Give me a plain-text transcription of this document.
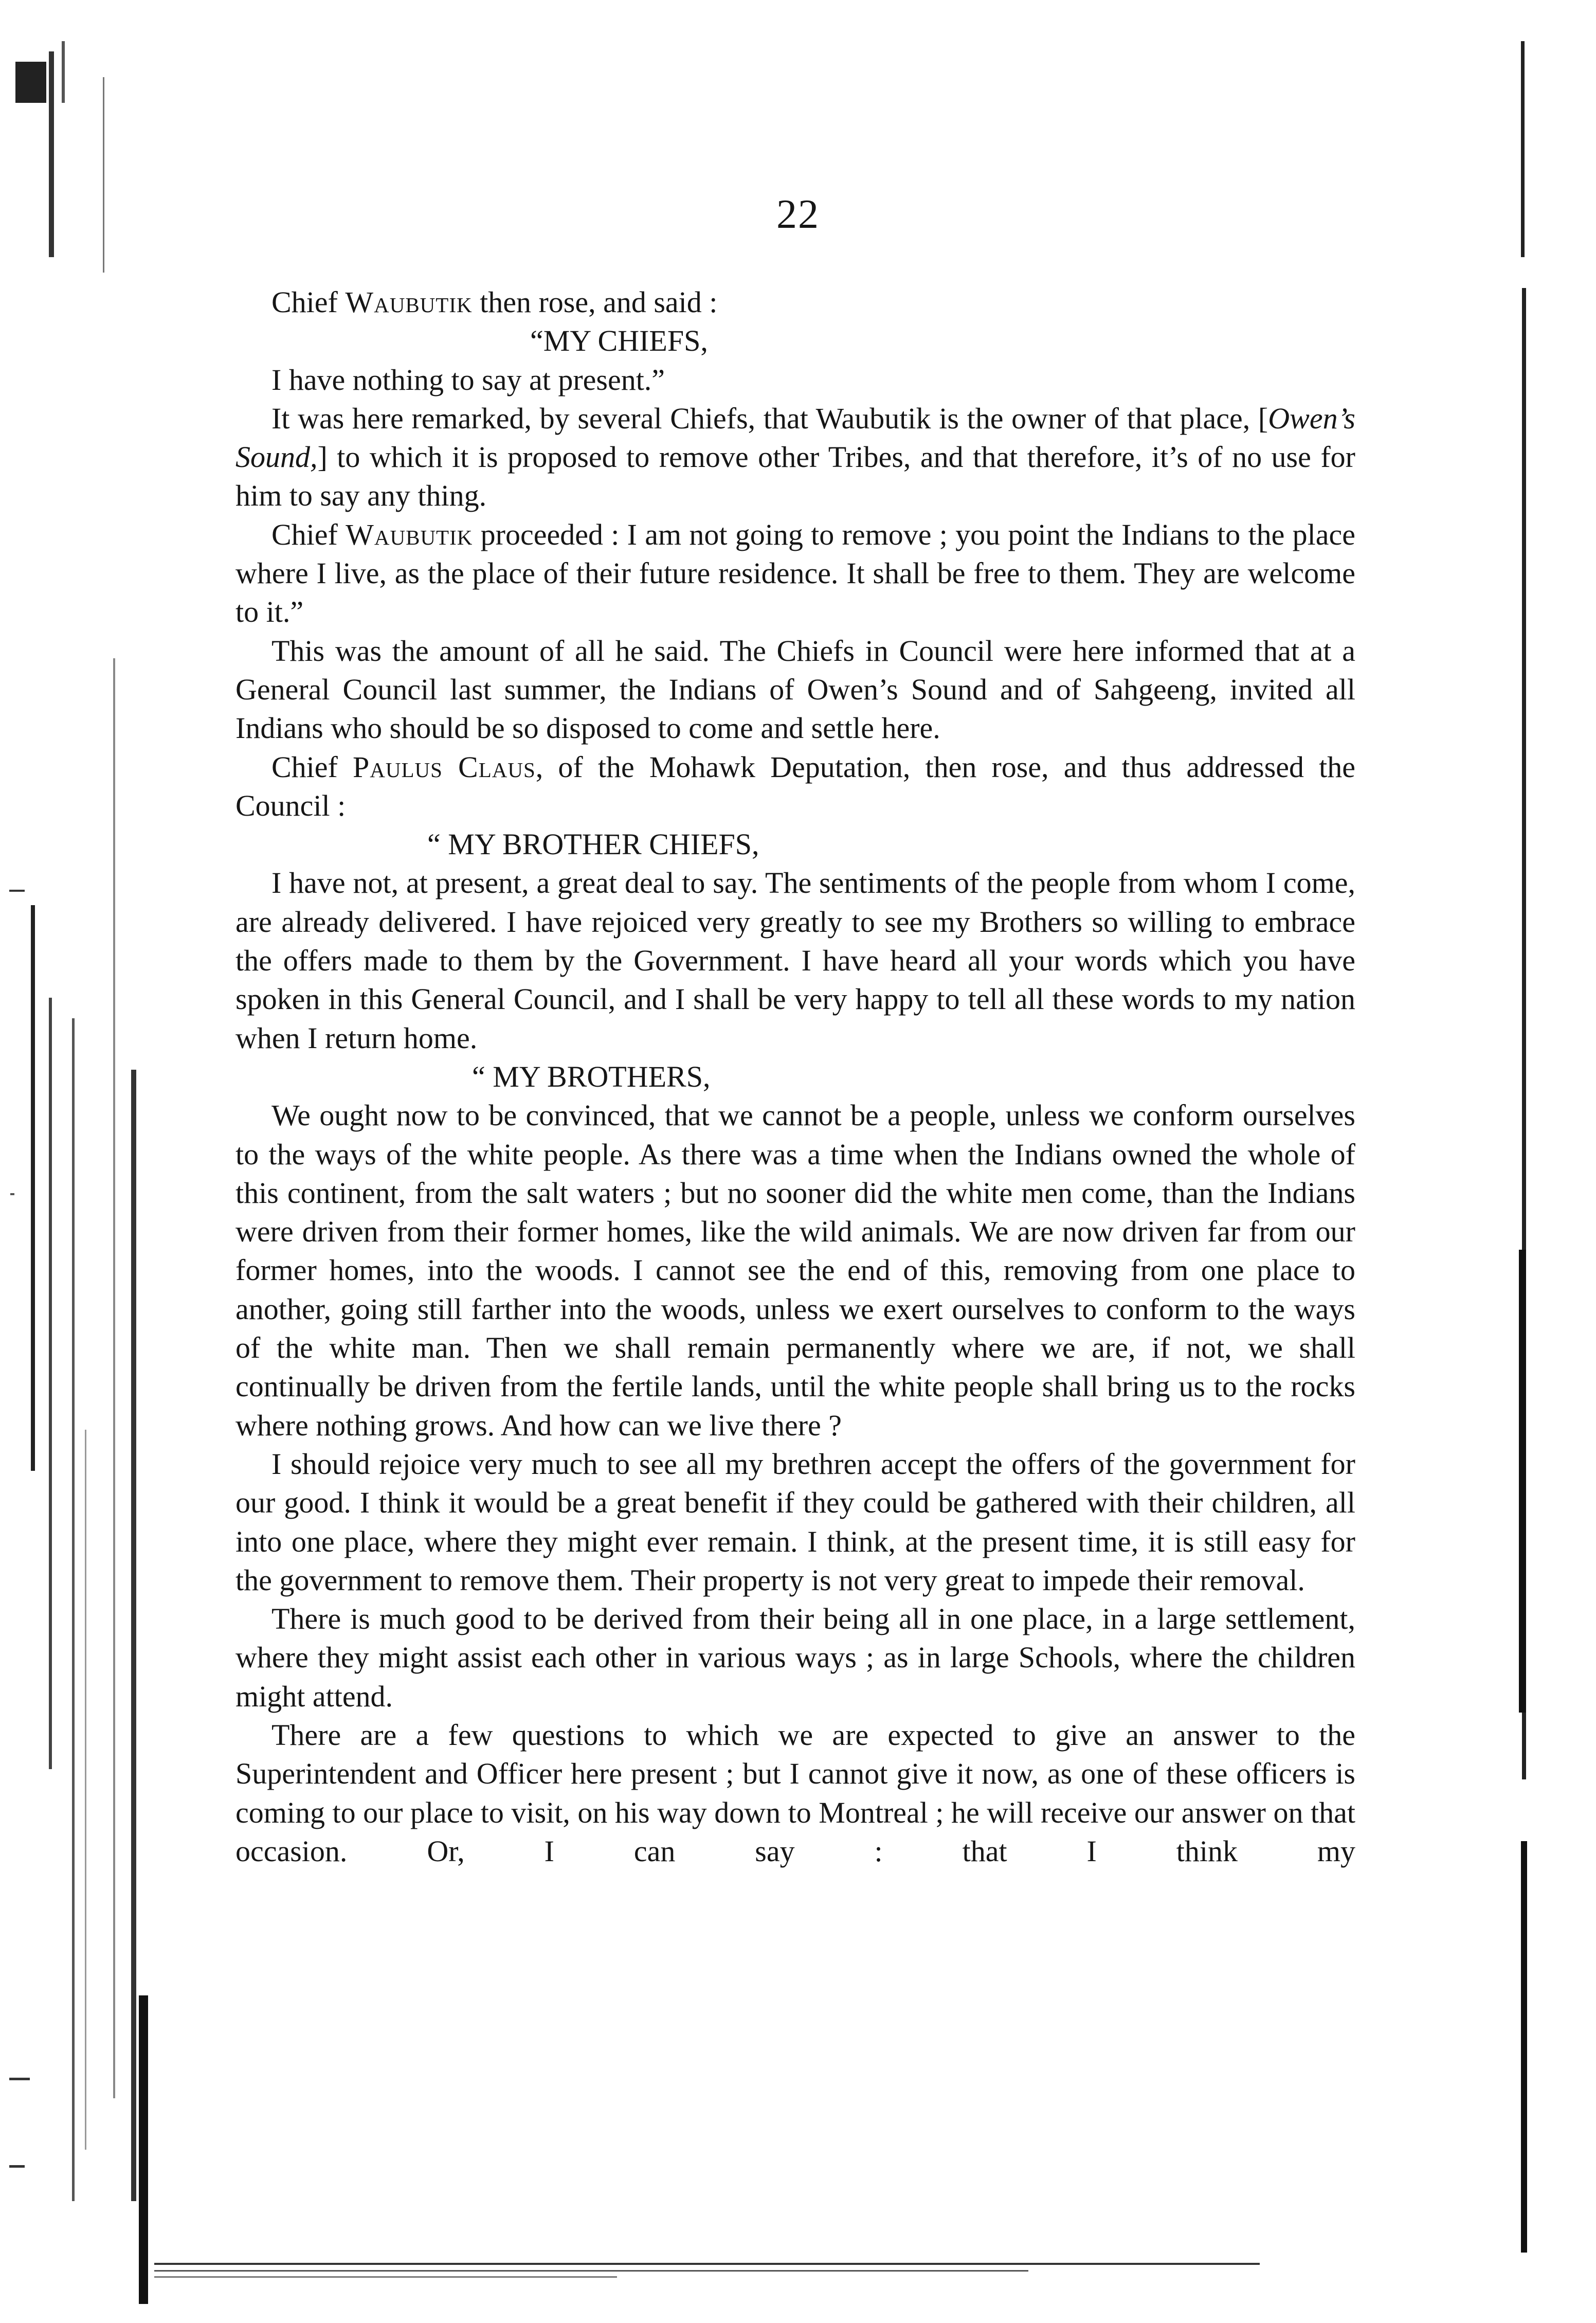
22

Chief Waubutik then rose, and said :

“MY CHIEFS,

I have nothing to say at present.”

It was here remarked, by several Chiefs, that Waubutik is the owner of that place, [Owen’s Sound,] to which it is proposed to remove other Tribes, and that therefore, it’s of no use for him to say any thing.

Chief Waubutik proceeded : I am not going to remove ; you point the Indians to the place where I live, as the place of their future residence. It shall be free to them. They are welcome to it.”

This was the amount of all he said. The Chiefs in Council were here informed that at a General Council last summer, the Indians of Owen’s Sound and of Sahgeeng, invited all Indians who should be so disposed to come and settle here.

Chief Paulus Claus, of the Mohawk Deputation, then rose, and thus addressed the Council :

“ MY BROTHER CHIEFS,

I have not, at present, a great deal to say. The sentiments of the people from whom I come, are already delivered. I have rejoiced very greatly to see my Brothers so willing to embrace the offers made to them by the Government. I have heard all your words which you have spoken in this General Council, and I shall be very happy to tell all these words to my nation when I return home.

“ MY BROTHERS,

We ought now to be convinced, that we cannot be a people, unless we conform ourselves to the ways of the white people. As there was a time when the Indians owned the whole of this continent, from the salt waters ; but no sooner did the white men come, than the Indians were driven from their former homes, like the wild animals. We are now driven far from our former homes, into the woods. I cannot see the end of this, removing from one place to another, going still farther into the woods, unless we exert ourselves to conform to the ways of the white man. Then we shall remain permanently where we are, if not, we shall continually be driven from the fertile lands, until the white people shall bring us to the rocks where nothing grows. And how can we live there ?

I should rejoice very much to see all my brethren accept the offers of the government for our good. I think it would be a great benefit if they could be gathered with their children, all into one place, where they might ever remain. I think, at the present time, it is still easy for the government to remove them. Their property is not very great to impede their removal.

There is much good to be derived from their being all in one place, in a large settlement, where they might assist each other in various ways ; as in large Schools, where the children might attend.

There are a few questions to which we are expected to give an answer to the Superintendent and Officer here present ; but I cannot give it now, as one of these officers is coming to our place to visit, on his way down to Montreal ; he will receive our answer on that occasion. Or, I can say : that I think my
